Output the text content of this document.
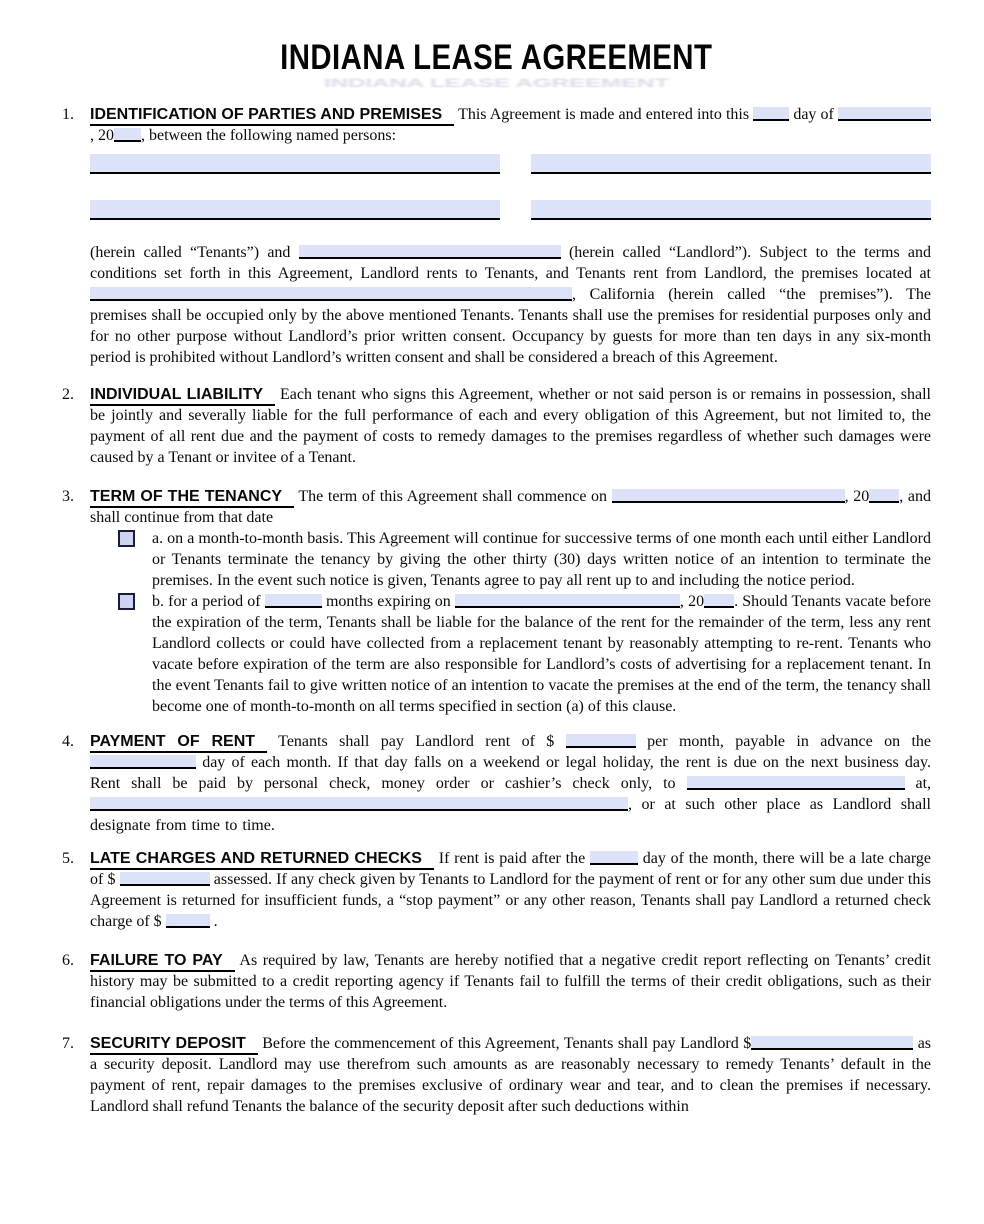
INDIANA LEASE AGREEMENT
INDIANA LEASE AGREEMENT
1.	IDENTIFICATION OF PARTIES AND PREMISES This Agreement is made and entered into this	day of , 20 , between the following named persons:

(herein called “Tenants”) and	(herein called “Landlord”). Subject to the terms and conditions set forth in this Agreement, Landlord rents to Tenants, and Tenants rent from Landlord, the premises located at , California (herein called “the premises”). The premises shall be occupied only by the above mentioned Tenants. Tenants shall use the premises for residential purposes only and for no other purpose without Landlord’s prior written consent. Occupancy by guests for more than ten days in any six-month period is prohibited without Landlord’s written consent and shall be considered a breach of this Agreement.

2.	INDIVIDUAL LIABILITY Each tenant who signs this Agreement, whether or not said person is or remains in possession, shall be jointly and severally liable for the full performance of each and every obligation of this Agreement, but not limited to, the payment of all rent due and the payment of costs to remedy damages to the premises regardless of whether such damages were caused by a Tenant or invitee of a Tenant.

3.	TERM OF THE TENANCY The term of this Agreement shall commence on	, 20 , and shall continue from that date

a. on a month-to-month basis. This Agreement will continue for successive terms of one month each until either Landlord or Tenants terminate the tenancy by giving the other thirty (30) days written notice of an intention to terminate the premises. In the event such notice is given, Tenants agree to pay all rent up to and including the notice period.

b. for a period of	months expiring on	, 20 . Should Tenants vacate before the expiration of the term, Tenants shall be liable for the balance of the rent for the remainder of the term, less any rent Landlord collects or could have collected from a replacement tenant by reasonably attempting to re-rent. Tenants who vacate before expiration of the term are also responsible for Landlord’s costs of advertising for a replacement tenant. In the event Tenants fail to give written notice of an intention to vacate the premises at the end of the term, the tenancy shall become one of month-to-month on all terms specified in section (a) of this clause.

4.	PAYMENT OF RENT Tenants shall pay Landlord rent of $	per month, payable in advance on the  day of each month. If that day falls on a weekend or legal holiday, the rent is due on the next business day. Rent shall be paid by personal check, money order or cashier’s check only, to	at, , or at such other place as Landlord shall designate from time to time.

5.	LATE CHARGES AND RETURNED CHECKS If rent is paid after the	day of the month, there will be a late charge of $	assessed. If any check given by Tenants to Landlord for the payment of rent or for any other sum due under this Agreement is returned for insufficient funds, a “stop payment” or any other reason, Tenants shall pay Landlord a returned check charge of $	.

6.	FAILURE TO PAY As required by law, Tenants are hereby notified that a negative credit report reflecting on Tenants’ credit history may be submitted to a credit reporting agency if Tenants fail to fulfill the terms of their credit obligations, such as their financial obligations under the terms of this Agreement.

7.	SECURITY DEPOSIT Before the commencement of this Agreement, Tenants shall pay Landlord $	as a security deposit. Landlord may use therefrom such amounts as are reasonably necessary to remedy Tenants’ default in the payment of rent, repair damages to the premises exclusive of ordinary wear and tear, and to clean the premises if necessary. Landlord shall refund Tenants the balance of the security deposit after such deductions within
